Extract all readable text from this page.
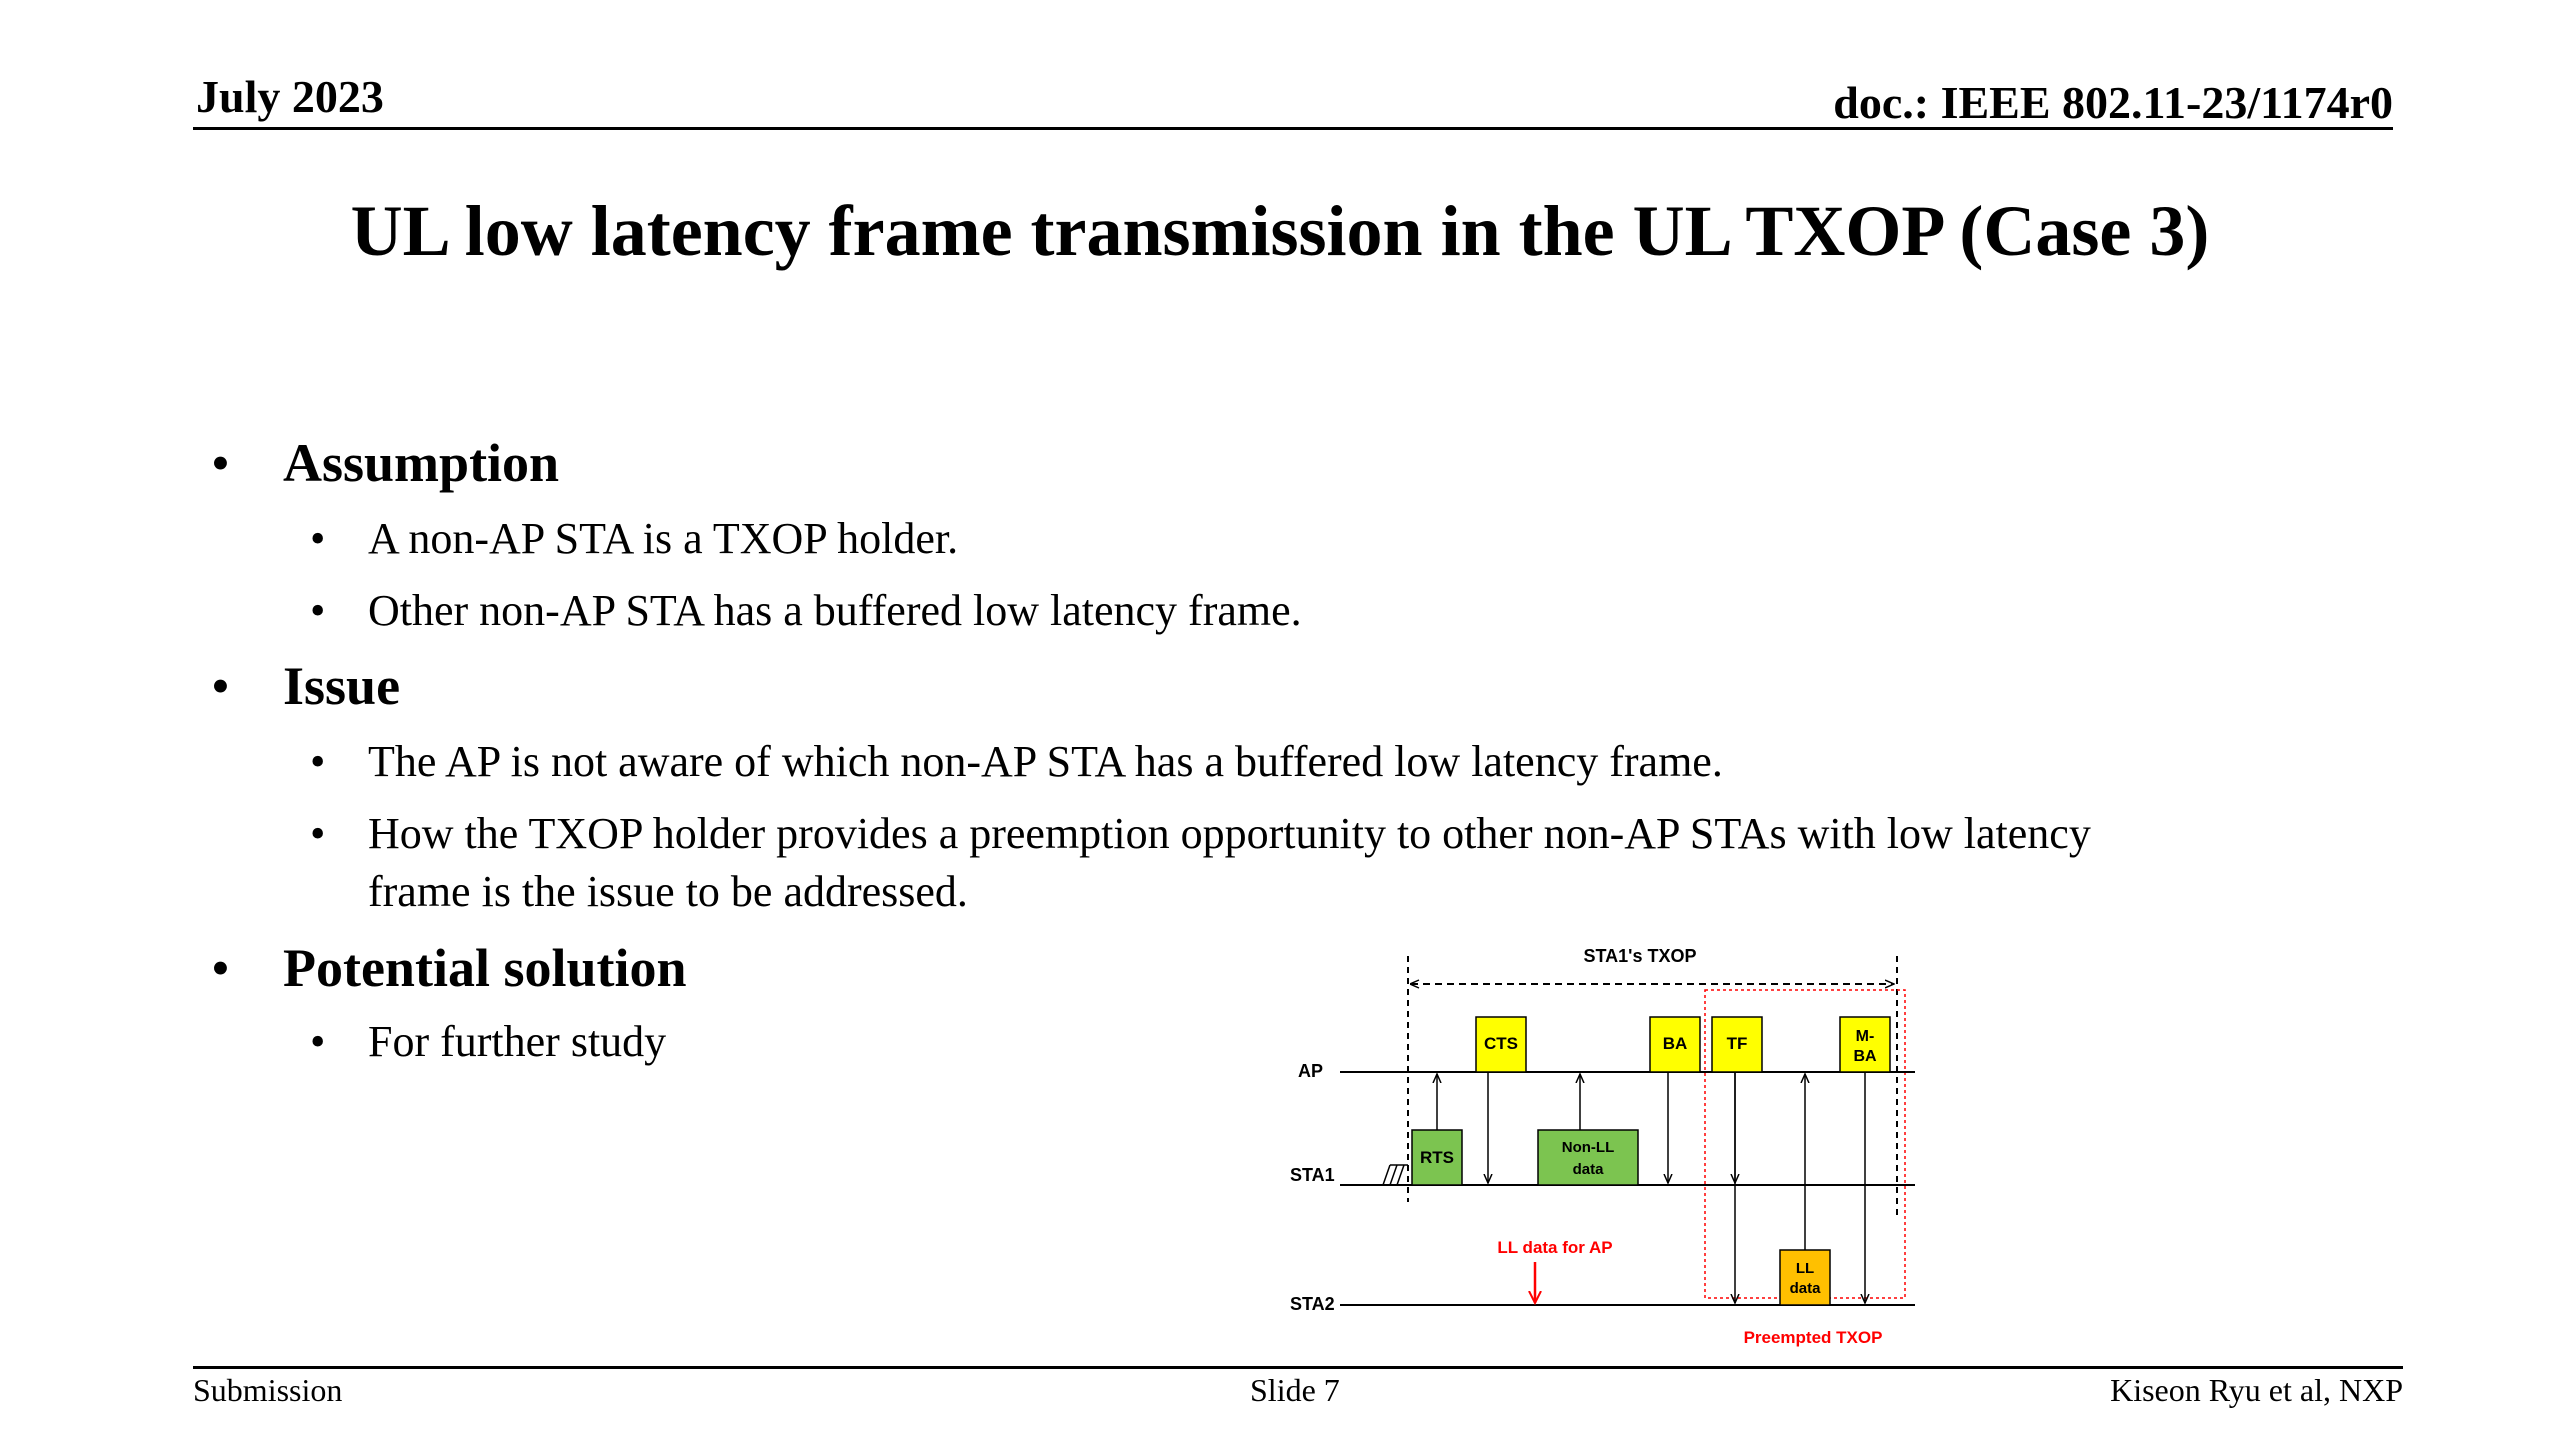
July 2023	doc.: IEEE 802.11-23/1174r0
UL low latency frame transmission in the UL TXOP (Case 3)
• Assumption
• A non-AP STA is a TXOP holder.
• Other non-AP STA has a buffered low latency frame.
• Issue
• The AP is not aware of which non-AP STA has a buffered low latency frame.
• How the TXOP holder provides a preemption opportunity to other non-AP STAs with low latency
frame is the issue to be addressed.
• Potential solution
• For further study
STA1's TXOP
AP
STA1
STA2
RTS
CTS
Non-LL
data
BA TF	M-
BA
LL
data
LL data for AP
Preempted TXOP
Submission	Slide 7	Kiseon Ryu et al, NXP
